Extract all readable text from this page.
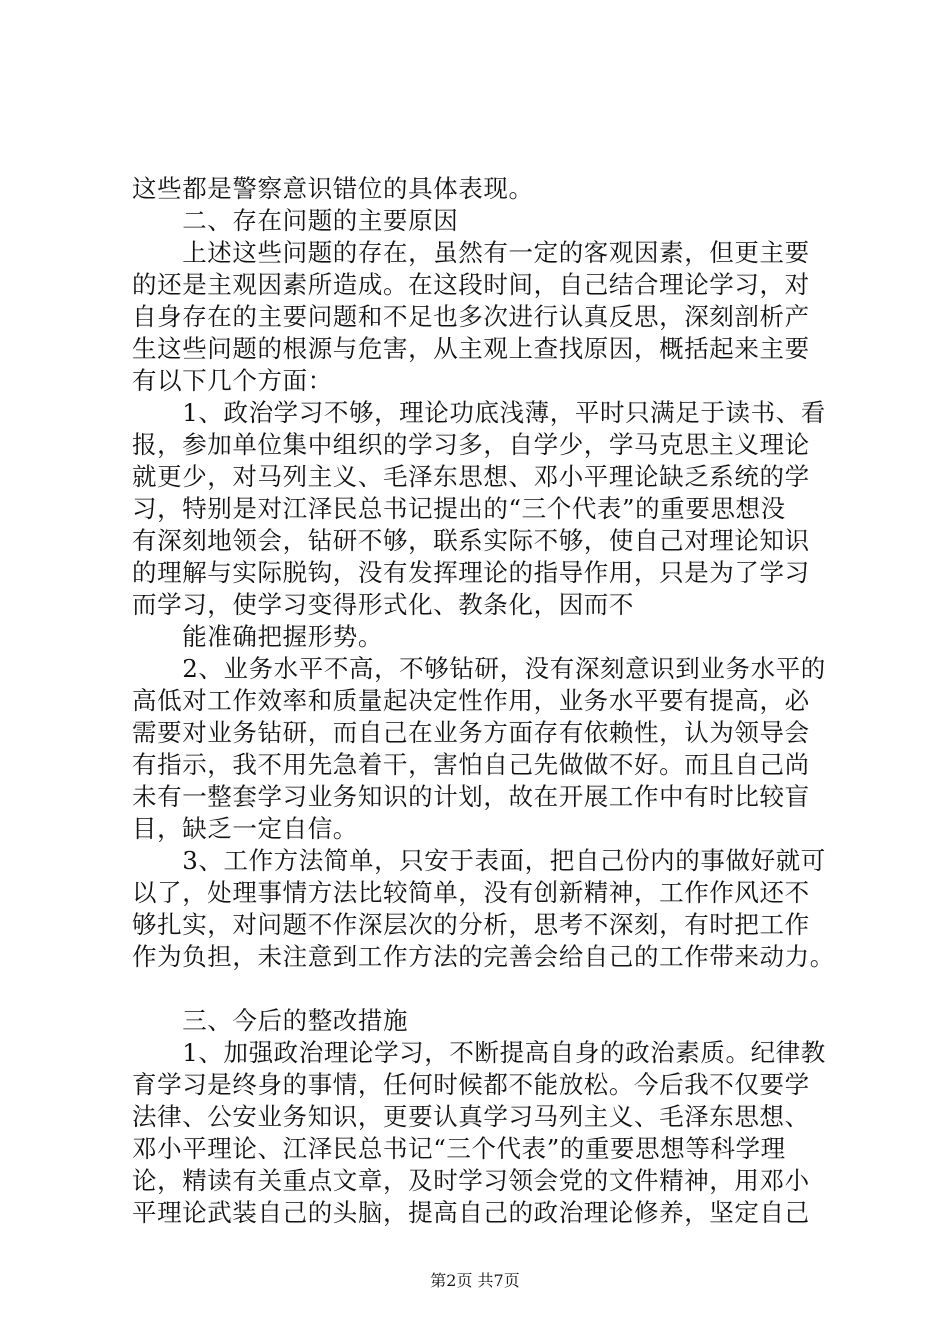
这些都是警察意识错位的具体表现。
　　二、存在问题的主要原因
　　上述这些问题的存在，虽然有一定的客观因素，但更主要
的还是主观因素所造成。在这段时间，自己结合理论学习，对
自身存在的主要问题和不足也多次进行认真反思，深刻剖析产
生这些问题的根源与危害，从主观上查找原因，概括起来主要
有以下几个方面：
　　1、政治学习不够，理论功底浅薄，平时只满足于读书、看
报，参加单位集中组织的学习多，自学少，学马克思主义理论
就更少，对马列主义、毛泽东思想、邓小平理论缺乏系统的学
习，特别是对江泽民总书记提出的“三个代表”的重要思想没
有深刻地领会，钻研不够，联系实际不够，使自己对理论知识
的理解与实际脱钩，没有发挥理论的指导作用，只是为了学习
而学习，使学习变得形式化、教条化，因而不
　　能准确把握形势。
　　2、业务水平不高，不够钻研，没有深刻意识到业务水平的
高低对工作效率和质量起决定性作用，业务水平要有提高，必
需要对业务钻研，而自己在业务方面存有依赖性，认为领导会
有指示，我不用先急着干，害怕自己先做做不好。而且自己尚
未有一整套学习业务知识的计划，故在开展工作中有时比较盲
目，缺乏一定自信。
　　3、工作方法简单，只安于表面，把自己份内的事做好就可
以了，处理事情方法比较简单，没有创新精神，工作作风还不
够扎实，对问题不作深层次的分析，思考不深刻，有时把工作
作为负担，未注意到工作方法的完善会给自己的工作带来动力。
　　三、今后的整改措施
　　1、加强政治理论学习，不断提高自身的政治素质。纪律教
育学习是终身的事情，任何时候都不能放松。今后我不仅要学
法律、公安业务知识，更要认真学习马列主义、毛泽东思想、
邓小平理论、江泽民总书记“三个代表”的重要思想等科学理
论，精读有关重点文章，及时学习领会党的文件精神，用邓小
平理论武装自己的头脑，提高自己的政治理论修养，坚定自己
第2页 共7页
